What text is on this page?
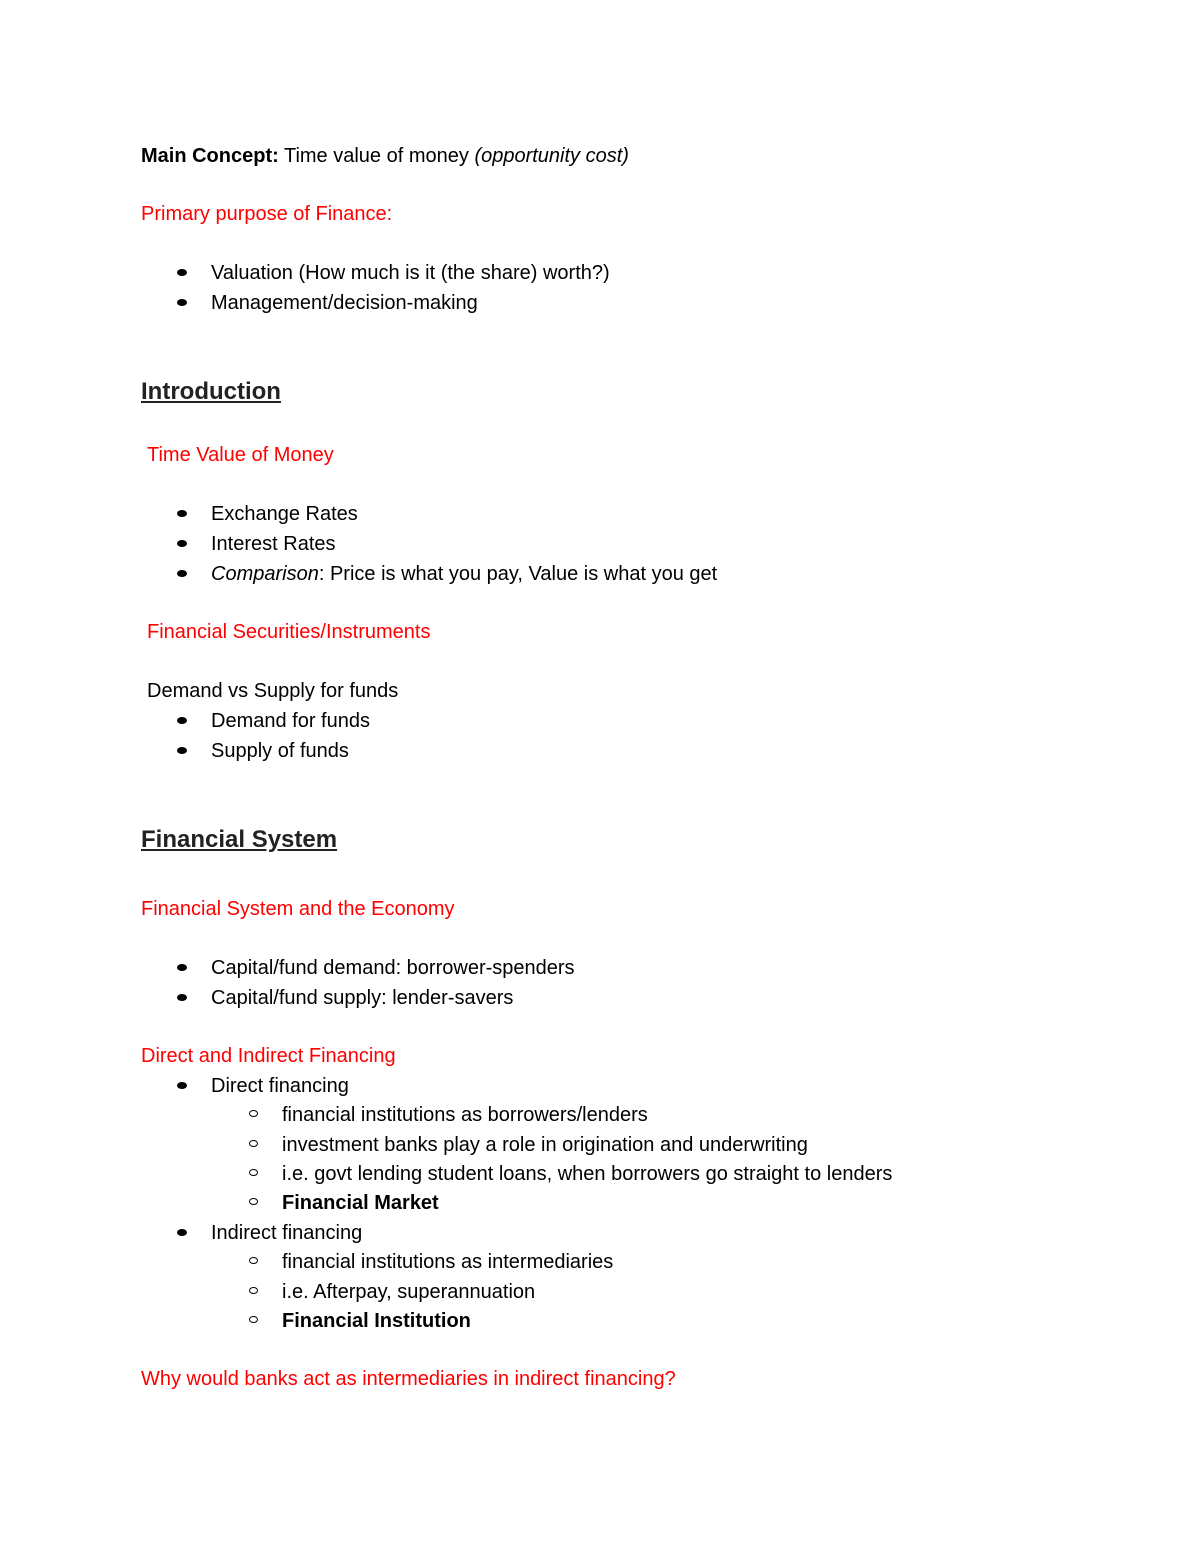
Main Concept: Time value of money (opportunity cost)
Primary purpose of Finance:
Valuation (How much is it (the share) worth?)
Management/decision-making
Introduction
Time Value of Money
Exchange Rates
Interest Rates
Comparison: Price is what you pay, Value is what you get
Financial Securities/Instruments
Demand vs Supply for funds
Demand for funds
Supply of funds
Financial System
Financial System and the Economy
Capital/fund demand: borrower-spenders
Capital/fund supply: lender-savers
Direct and Indirect Financing
Direct financing
financial institutions as borrowers/lenders
investment banks play a role in origination and underwriting
i.e. govt lending student loans, when borrowers go straight to lenders
Financial Market
Indirect financing
financial institutions as intermediaries
i.e. Afterpay, superannuation
Financial Institution
Why would banks act as intermediaries in indirect financing?
